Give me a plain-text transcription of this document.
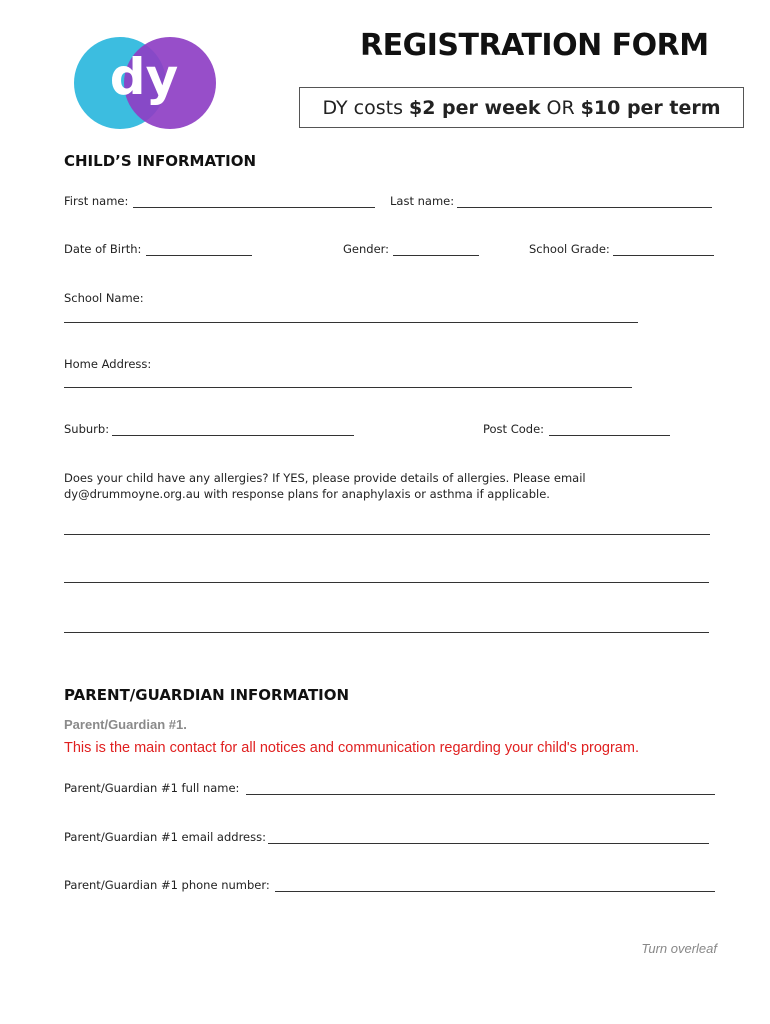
dy
REGISTRATION FORM
DY costs $2 per week OR $10 per term
CHILD’S INFORMATION
First name:	Last name:
Date of Birth:	Gender:	School Grade:
School Name:
Home Address:
Suburb:	Post Code:
Does your child have any allergies? If YES, please provide details of allergies. Please email
dy@drummoyne.org.au with response plans for anaphylaxis or asthma if applicable.
PARENT/GUARDIAN INFORMATION
Parent/Guardian #1.
This is the main contact for all notices and communication regarding your child's program.
Parent/Guardian #1 full name:
Parent/Guardian #1 email address:
Parent/Guardian #1 phone number:
Turn overleaf
